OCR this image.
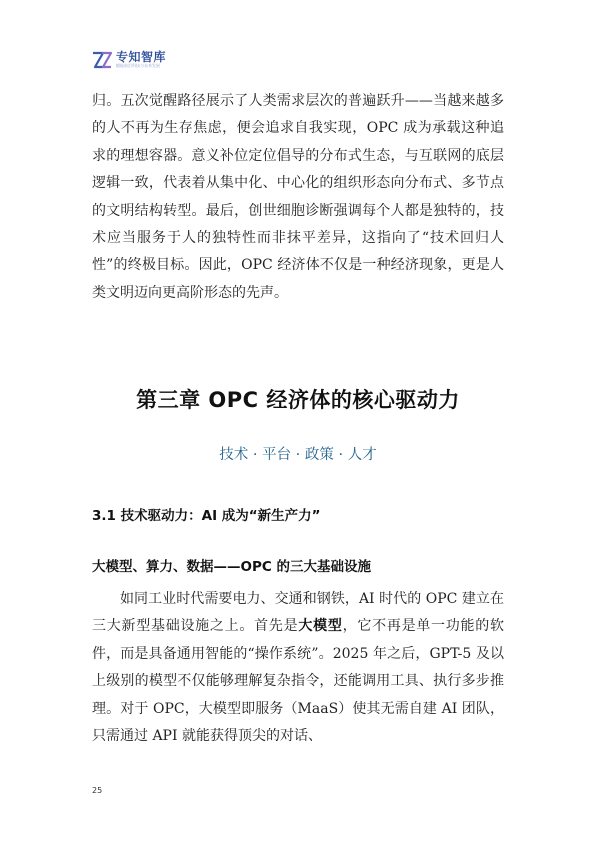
专知智库
赋能前沿科技与未来发展

归。五次觉醒路径展示了人类需求层次的普遍跃升——当越来越多的人不再为生存焦虑，便会追求自我实现，OPC 成为承载这种追求的理想容器。意义补位定位倡导的分布式生态，与互联网的底层逻辑一致，代表着从集中化、中心化的组织形态向分布式、多节点的文明结构转型。最后，创世细胞诊断强调每个人都是独特的，技术应当服务于人的独特性而非抹平差异，这指向了“技术回归人性”的终极目标。因此，OPC 经济体不仅是一种经济现象，更是人类文明迈向更高阶形态的先声。

第三章 OPC 经济体的核心驱动力
技术 · 平台 · 政策 · 人才
3.1 技术驱动力：AI 成为“新生产力”
大模型、算力、数据——OPC 的三大基础设施

如同工业时代需要电力、交通和钢铁，AI 时代的 OPC 建立在三大新型基础设施之上。首先是大模型，它不再是单一功能的软件，而是具备通用智能的“操作系统”。2025 年之后，GPT-5 及以上级别的模型不仅能够理解复杂指令，还能调用工具、执行多步推理。对于 OPC，大模型即服务（MaaS）使其无需自建 AI 团队，只需通过 API 就能获得顶尖的对话、

25
